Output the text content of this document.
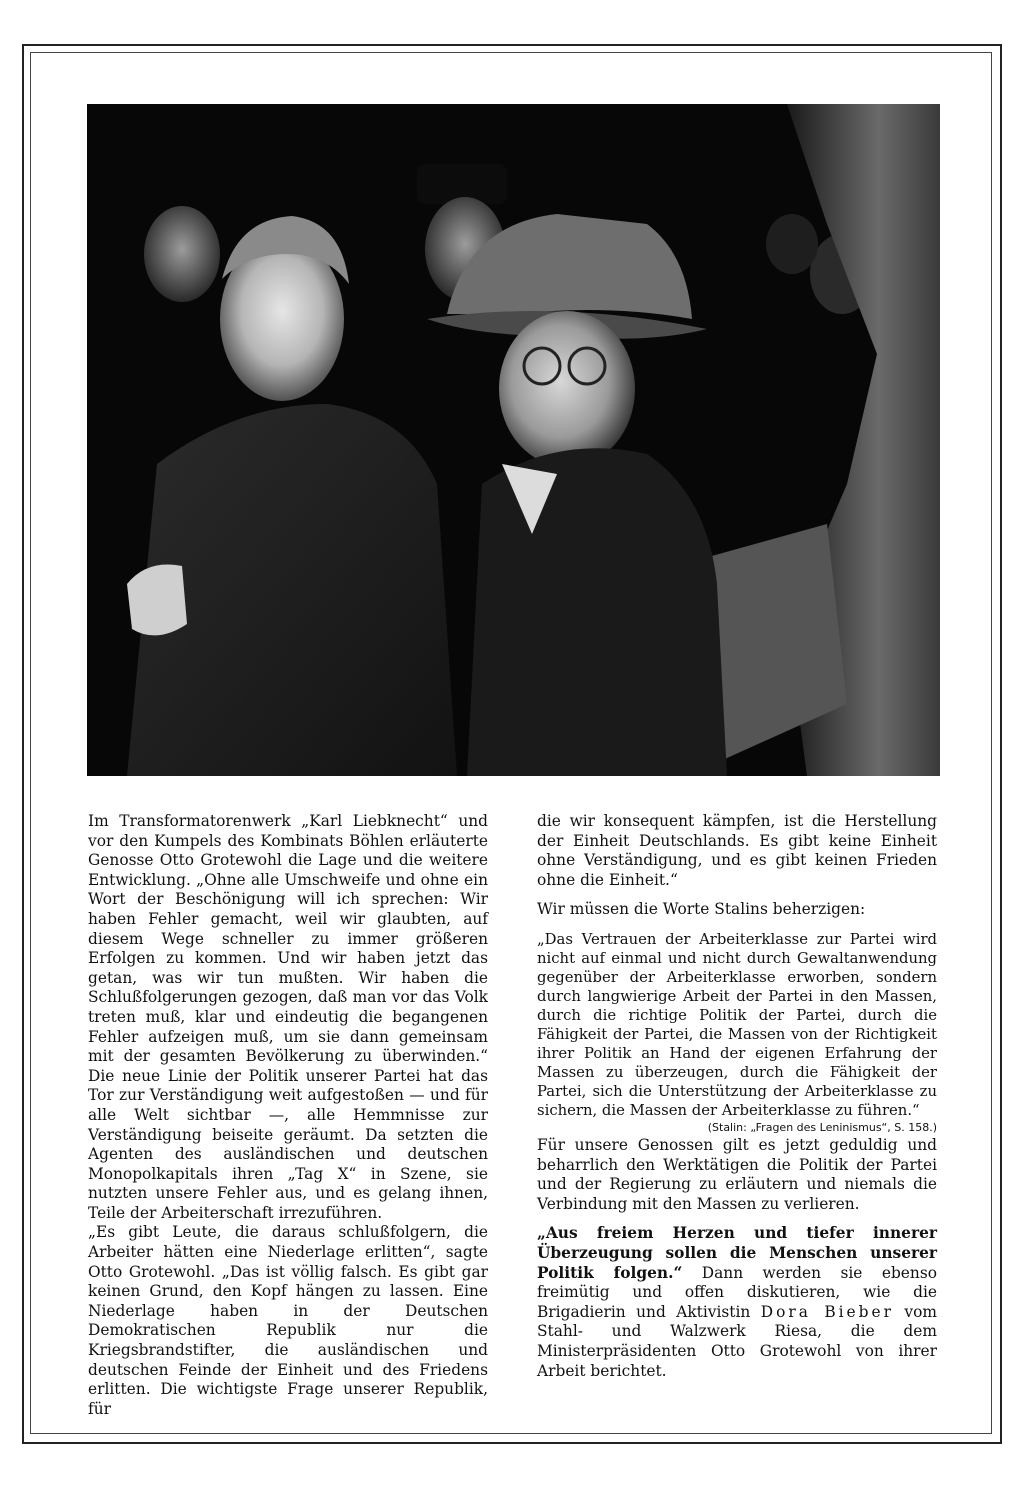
Im Transformatorenwerk „Karl Liebknecht“ und vor den Kumpels des Kombinats Böhlen erläuterte Genosse Otto Grotewohl die Lage und die weitere Entwicklung. „Ohne alle Umschweife und ohne ein Wort der Beschönigung will ich sprechen: Wir haben Fehler gemacht, weil wir glaubten, auf diesem Wege schneller zu immer größeren Erfolgen zu kommen. Und wir haben jetzt das getan, was wir tun mußten. Wir haben die Schlußfolgerungen gezogen, daß man vor das Volk treten muß, klar und eindeutig die begangenen Fehler aufzeigen muß, um sie dann gemeinsam mit der gesamten Bevölkerung zu überwinden.“ Die neue Linie der Politik unserer Partei hat das Tor zur Verständigung weit aufgestoßen — und für alle Welt sichtbar —, alle Hemmnisse zur Verständigung beiseite geräumt. Da setzten die Agenten des ausländischen und deutschen Monopolkapitals ihren „Tag X“ in Szene, sie nutzten unsere Fehler aus, und es gelang ihnen, Teile der Arbeiterschaft irrezuführen.

„Es gibt Leute, die daraus schlußfolgern, die Arbeiter hätten eine Niederlage erlitten“, sagte Otto Grotewohl. „Das ist völlig falsch. Es gibt gar keinen Grund, den Kopf hängen zu lassen. Eine Niederlage haben in der Deutschen Demokratischen Republik nur die Kriegsbrandstifter, die ausländischen und deutschen Feinde der Einheit und des Friedens erlitten. Die wichtigste Frage unserer Republik, für

die wir konsequent kämpfen, ist die Herstellung der Einheit Deutschlands. Es gibt keine Einheit ohne Verständigung, und es gibt keinen Frieden ohne die Einheit.“

Wir müssen die Worte Stalins beherzigen:

„Das Vertrauen der Arbeiterklasse zur Partei wird nicht auf einmal und nicht durch Gewaltanwendung gegenüber der Arbeiterklasse erworben, sondern durch langwierige Arbeit der Partei in den Massen, durch die richtige Politik der Partei, durch die Fähigkeit der Partei, die Massen von der Richtigkeit ihrer Politik an Hand der eigenen Erfahrung der Massen zu überzeugen, durch die Fähigkeit der Partei, sich die Unterstützung der Arbeiterklasse zu sichern, die Massen der Arbeiterklasse zu führen.“

(Stalin: „Fragen des Leninismus“, S. 158.)

Für unsere Genossen gilt es jetzt geduldig und beharrlich den Werktätigen die Politik der Partei und der Regierung zu erläutern und niemals die Verbindung mit den Massen zu verlieren.

„Aus freiem Herzen und tiefer innerer Überzeugung sollen die Menschen unserer Politik folgen.“ Dann werden sie ebenso freimütig und offen diskutieren, wie die Brigadierin und Aktivistin Dora Bieber vom Stahl- und Walzwerk Riesa, die dem Ministerpräsidenten Otto Grotewohl von ihrer Arbeit berichtet.
